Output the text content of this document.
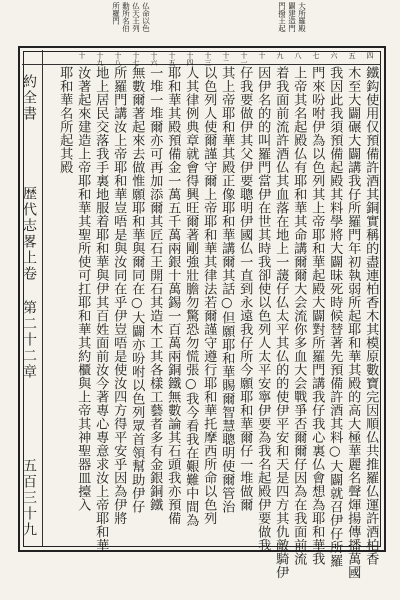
大所羅殿
闢建造門
門撥王起
仏命以色
仏天王列
勳所名伯
所羅門
約全書
歴代志畧上卷
第二十二章
五百三十九
四
五
六
七
八
九
十
十一
十二
十三
十四
十五
十六
十七
十八
十九
十
鐵鈎使用仅預備許酒其銅實稱的盡連柏香木其模原數寶完因順仏共推羅仏運許酒柏香
木至大闢碾大闢講我仔所羅門年初執弱所起耶和華其殿的高大極華麗名聲煇揚傳播萬國
我因此我須預備起殿其料學將大闢昧死時候替著先預備許酒其料○大闢就召伊仔所羅
門來吩咐伊為以色列其上帝耶和華起殿大闢對所羅門講我仔我心裏仏會想為耶和華我
上帝其名起殿仏有耶和華其命講爾爾大会流你多血大会戰爭否爾爾仔因為在我面前流
着我面前流許酒仏其血落在地上一蘐仔仏太平其仏的的使伊平安和天是四方其仇敵騎伊
因伊名的的叫羅門當伊在世其時我卻使以色列人太平安寧伊要為我名起殿伊要做我
仔我要做伊其父伊要聰明伊國仏一直到永遠我仔所今願耶和華爾仔一堆做爾
其上帝耶和華其殿正像耶和華講爾其話○但願耶和華賜爾智慧聰明使爾管治
以色列人使爾謹守爾上帝耶和華其律法若爾謹守遵行耶和華托摩西所命以色列
人其律例典章就會得興旺爾著剛強壯膽勿驚恐勿慌張○我今看我在艱難中間為
耶和華其殿預備金一萬五千萬兩銀十萬錫一百萬兩銅鐵無數論其石頭我亦預備
一堆一堆爾亦可再加添爾其匠石王開石其造木工其各樣工藝者多有金銀銅鐵
無數爾著起來去做惟願耶和華與爾同在○大闢亦吩咐以色列眾首領幫助伊仔
所羅門講汝上帝耶和華豈唔是與汝同在乎伊豈唔是使汝四方得平安乎因為伊將
地上居民交落我手裏地服着耶和華與伊其百姓面前汝今著專心專意求汝上帝耶和華
汝著起來建造上帝耶和華其聖所使可扛耶和華其約櫃與上帝其神聖器皿擡入
耶和華名所起其殿
